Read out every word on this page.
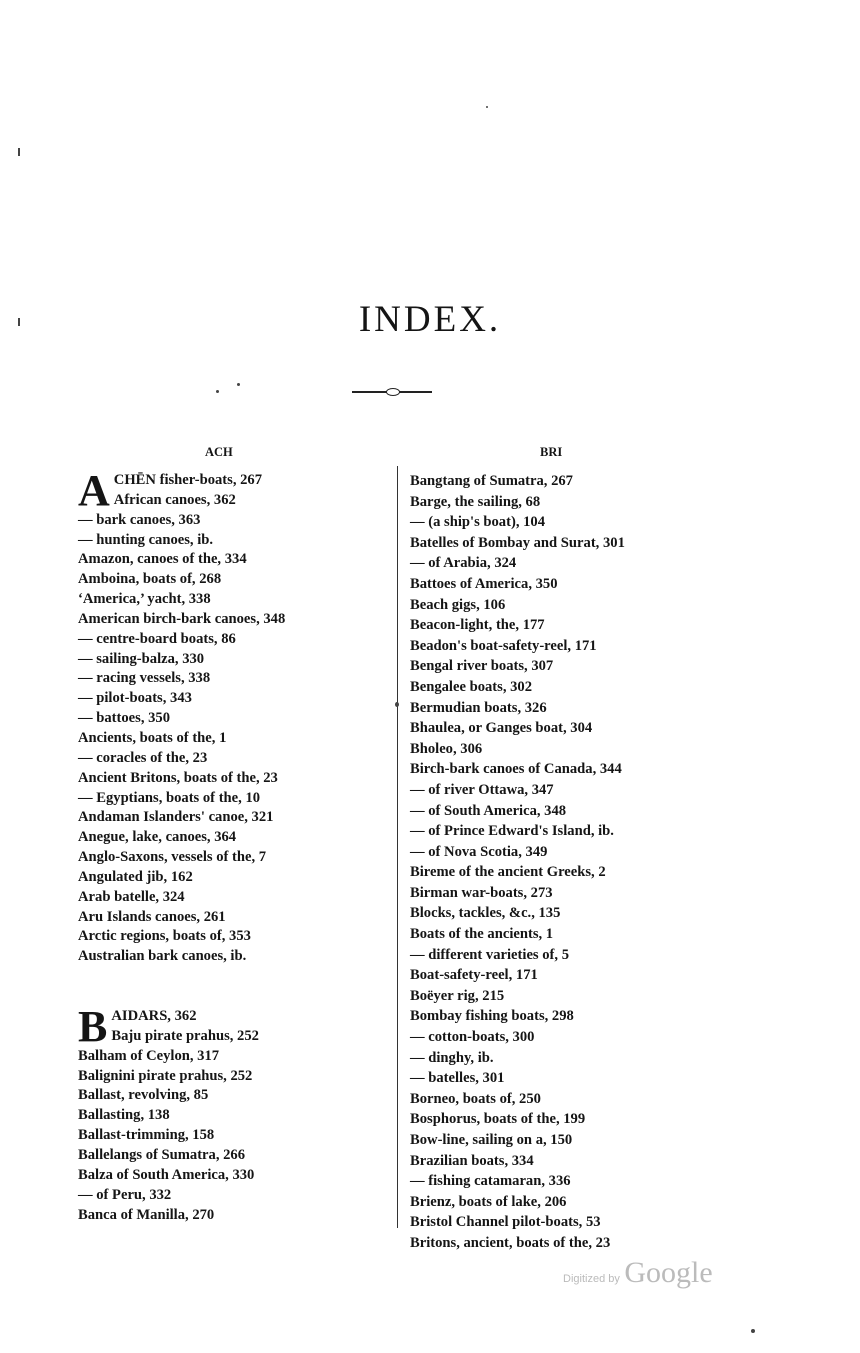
INDEX.
ACH	BRI
A CHĒN fisher-boats, 267
African canoes, 362
— bark canoes, 363
— hunting canoes, ib.
Amazon, canoes of the, 334
Amboina, boats of, 268
‘America,’ yacht, 338
American birch-bark canoes, 348
— centre-board boats, 86
— sailing-balza, 330
— racing vessels, 338
— pilot-boats, 343
— battoes, 350
Ancients, boats of the, 1
— coracles of the, 23
Ancient Britons, boats of the, 23
— Egyptians, boats of the, 10
Andaman Islanders' canoe, 321
Anegue, lake, canoes, 364
Anglo-Saxons, vessels of the, 7
Angulated jib, 162
Arab batelle, 324
Aru Islands canoes, 261
Arctic regions, boats of, 353
Australian bark canoes, ib.
B AIDARS, 362
Baju pirate prahus, 252
Balham of Ceylon, 317
Balignini pirate prahus, 252
Ballast, revolving, 85
Ballasting, 138
Ballast-trimming, 158
Ballelangs of Sumatra, 266
Balza of South America, 330
— of Peru, 332
Banca of Manilla, 270
Bangtang of Sumatra, 267
Barge, the sailing, 68
— (a ship's boat), 104
Batelles of Bombay and Surat, 301
— of Arabia, 324
Battoes of America, 350
Beach gigs, 106
Beacon-light, the, 177
Beadon's boat-safety-reel, 171
Bengal river boats, 307
Bengalee boats, 302
Bermudian boats, 326
Bhaulea, or Ganges boat, 304
Bholeo, 306
Birch-bark canoes of Canada, 344
— of river Ottawa, 347
— of South America, 348
— of Prince Edward's Island, ib.
— of Nova Scotia, 349
Bireme of the ancient Greeks, 2
Birman war-boats, 273
Blocks, tackles, &c., 135
Boats of the ancients, 1
— different varieties of, 5
Boat-safety-reel, 171
Boëyer rig, 215
Bombay fishing boats, 298
— cotton-boats, 300
— dinghy, ib.
— batelles, 301
Borneo, boats of, 250
Bosphorus, boats of the, 199
Bow-line, sailing on a, 150
Brazilian boats, 334
— fishing catamaran, 336
Brienz, boats of lake, 206
Bristol Channel pilot-boats, 53
Britons, ancient, boats of the, 23
Digitized by Google
